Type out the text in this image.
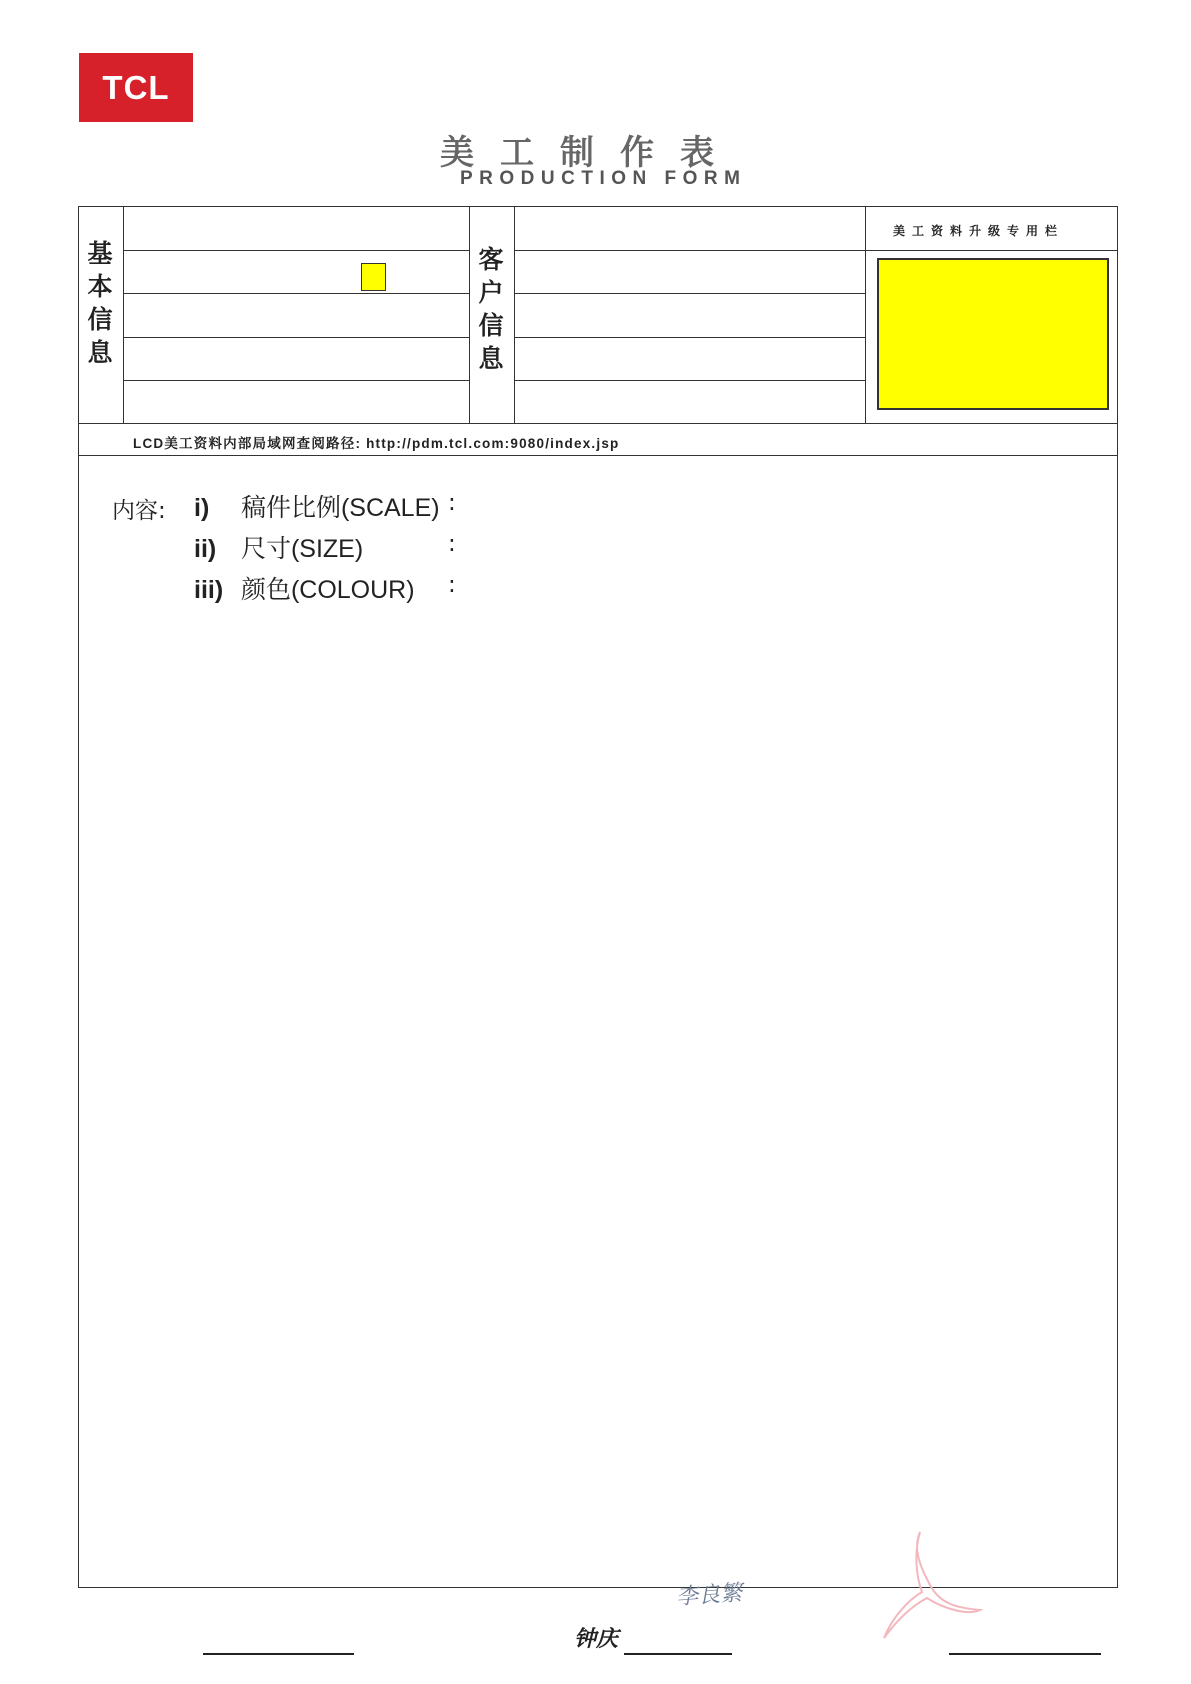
TCL
美工制作表
PRODUCTION FORM
基
本
信
息
客
户
信
息
美工资料升级专用栏
LCD美工资料内部局域网查阅路径: http://pdm.tcl.com:9080/index.jsp
内容: i) 稿件比例(SCALE) :
ii) 尺寸(SIZE)	:
iii) 颜色(COLOUR) :
李良繁
钟庆
